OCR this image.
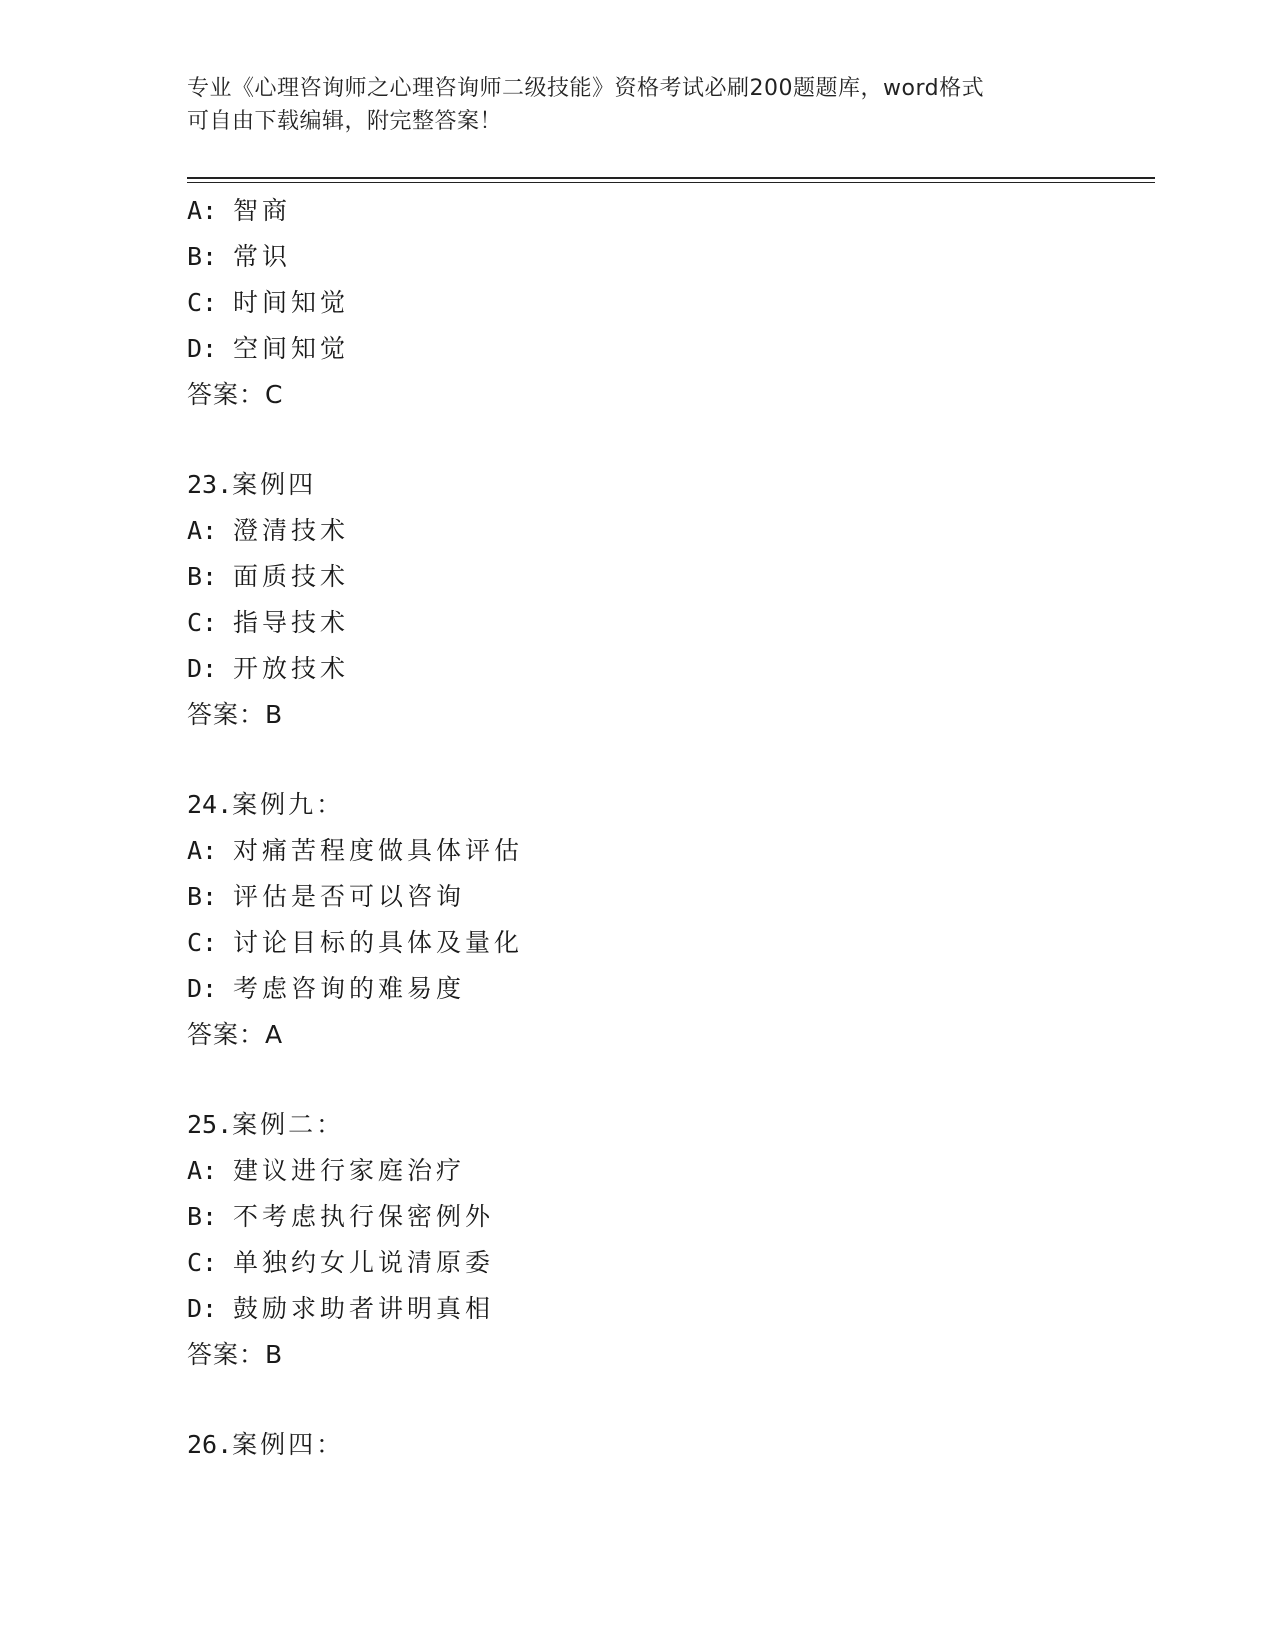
专业《心理咨询师之心理咨询师二级技能》资格考试必刷200题题库，word格式
可自由下载编辑，附完整答案！
A: 智商
B: 常识
C: 时间知觉
D: 空间知觉
答案：C
23.案例四
A: 澄清技术
B: 面质技术
C: 指导技术
D: 开放技术
答案：B
24.案例九：
A: 对痛苦程度做具体评估
B: 评估是否可以咨询
C: 讨论目标的具体及量化
D: 考虑咨询的难易度
答案：A
25.案例二：
A: 建议进行家庭治疗
B: 不考虑执行保密例外
C: 单独约女儿说清原委
D: 鼓励求助者讲明真相
答案：B
26.案例四：
